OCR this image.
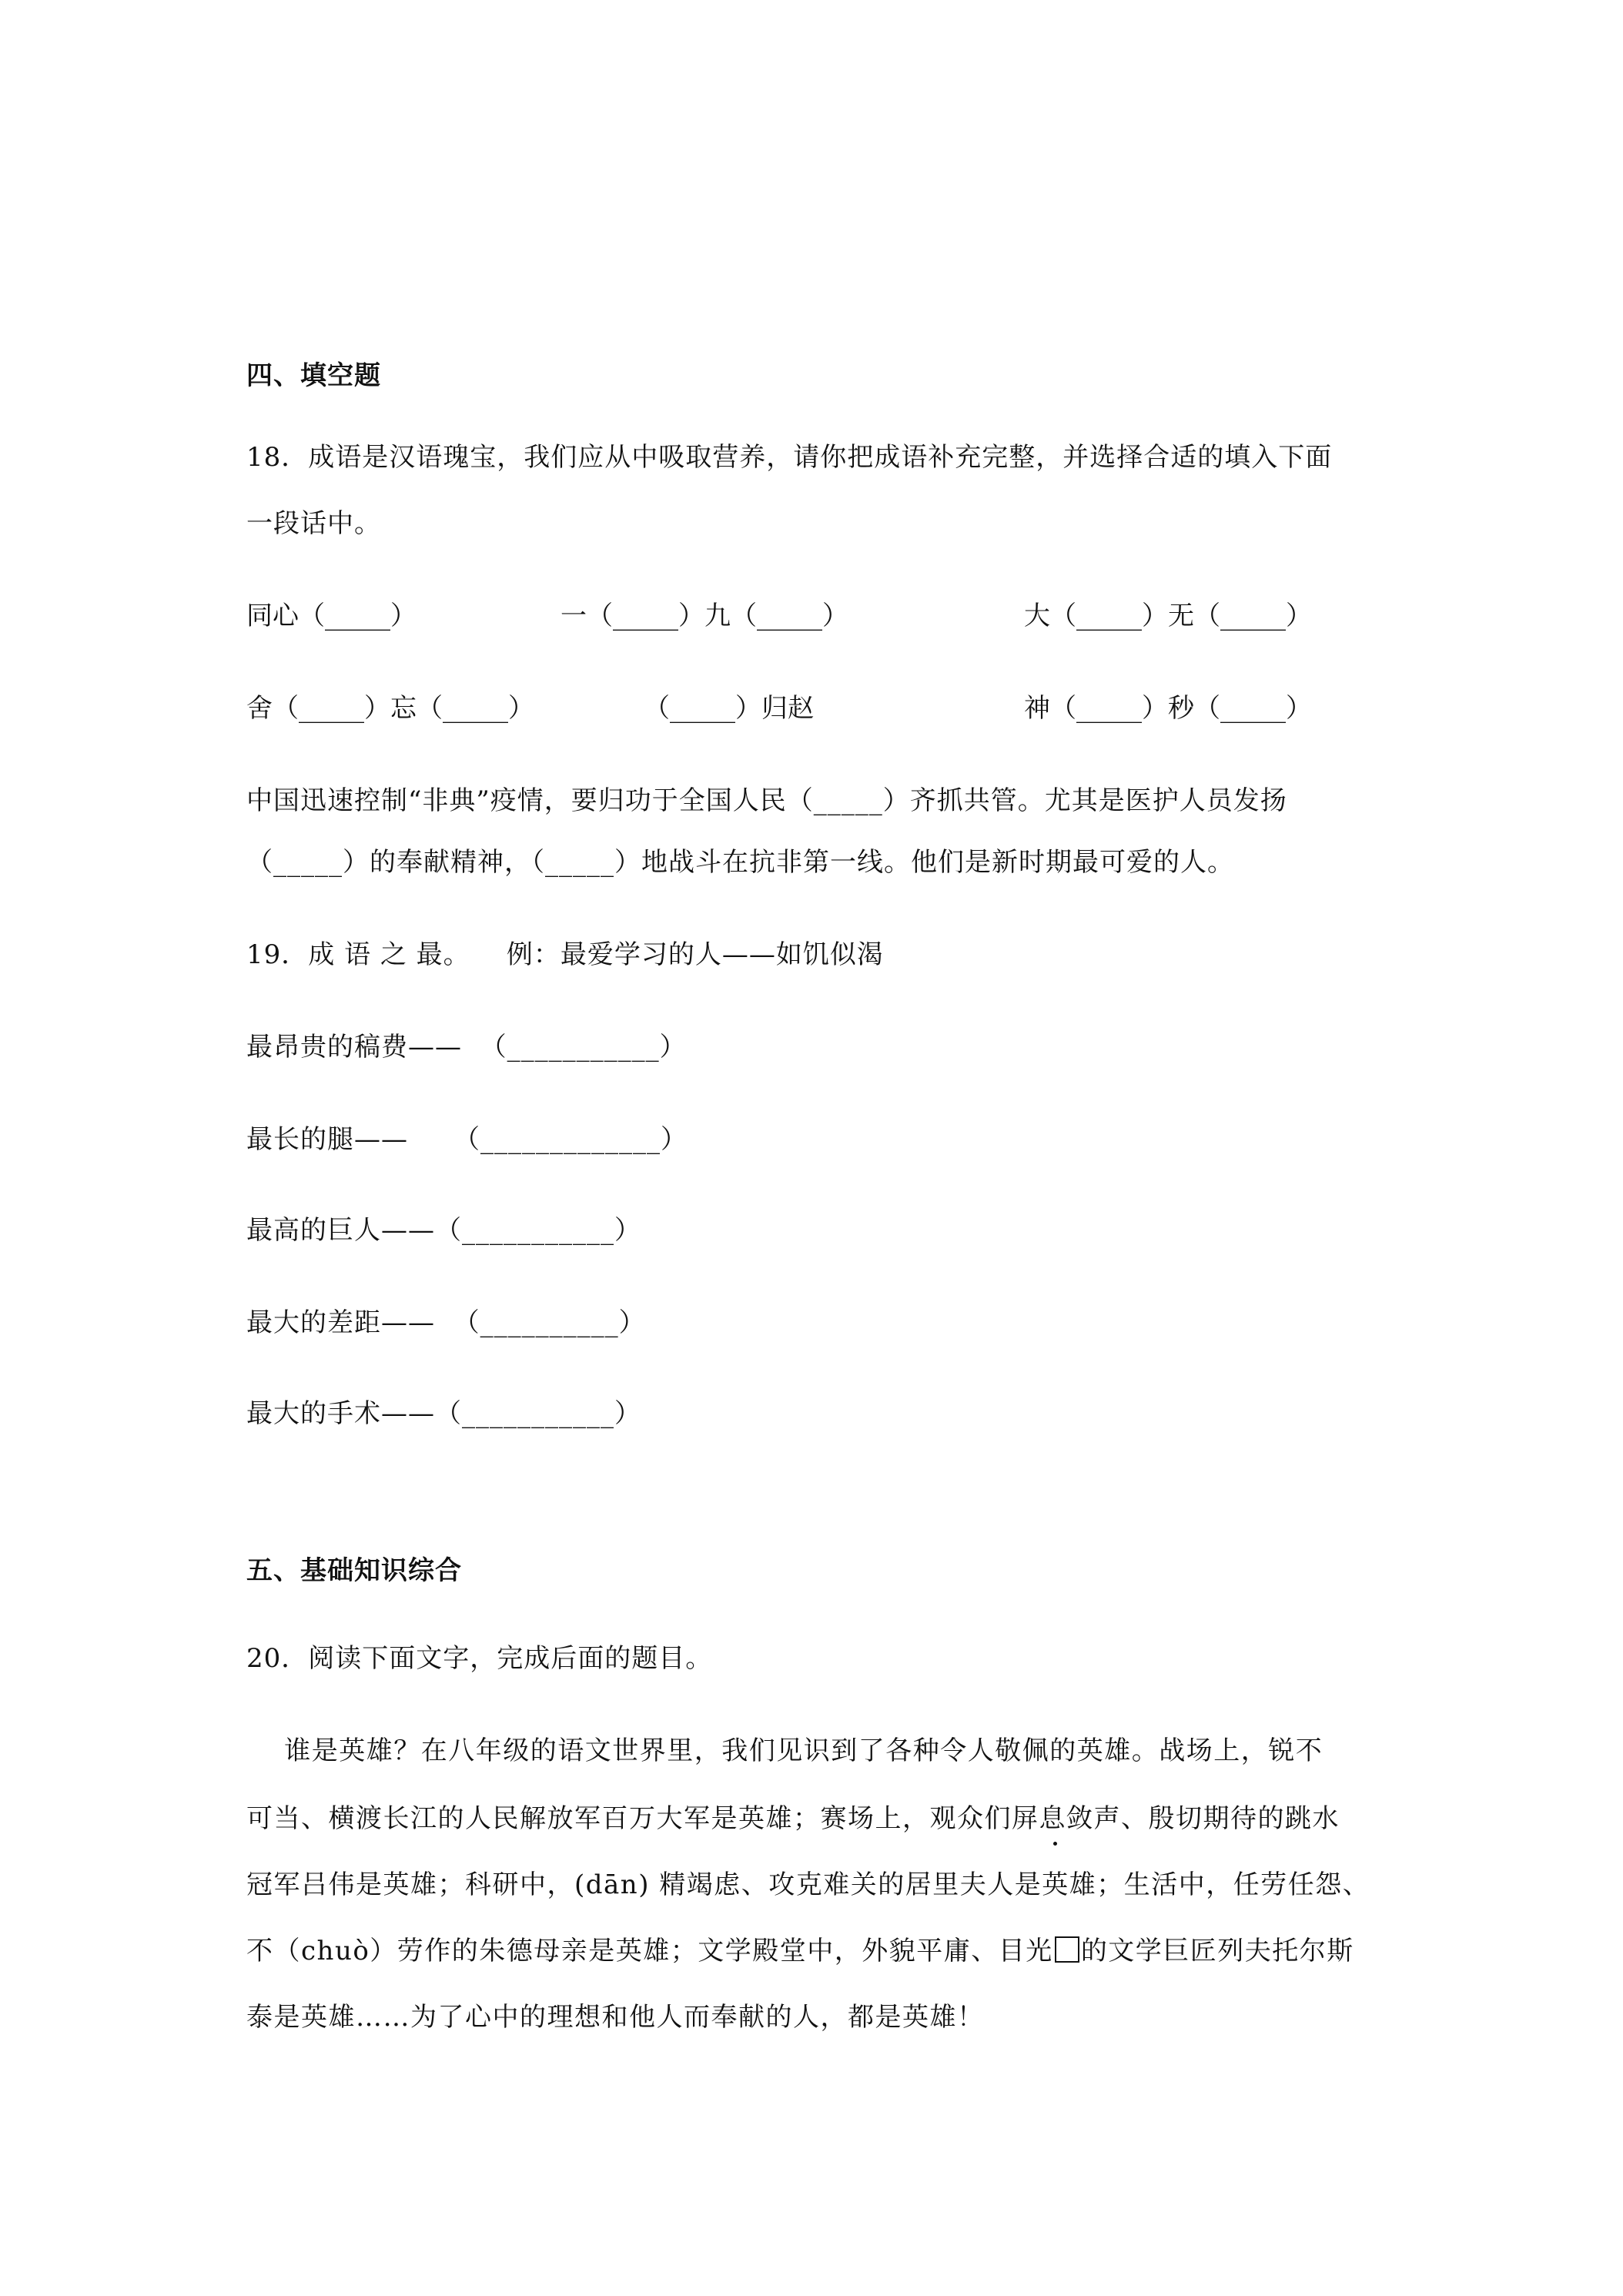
四、填空题
18．成语是汉语瑰宝，我们应从中吸取营养，请你把成语补充完整，并选择合适的填入下面
一段话中。
同心（_____）	一（_____）九（_____）	大（_____）无（_____）
舍（_____）忘（_____）	（_____）归赵	神（_____）秒（_____）
中国迅速控制“非典”疫情，要归功于全国人民（_____）齐抓共管。尤其是医护人员发扬
（_____）的奉献精神，（_____）地战斗在抗非第一线。他们是新时期最可爱的人。
19．成 语 之 最。    例：最爱学习的人——如饥似渴
最昂贵的稿费——  （___________）
最长的腿——     （_____________）
最高的巨人——（___________）
最大的差距——  （__________）
最大的手术——（___________）
五、基础知识综合
20．阅读下面文字，完成后面的题目。
谁是英雄？在八年级的语文世界里，我们见识到了各种令人敬佩的英雄。战场上，锐不
可当、横渡长江的人民解放军百万大军是英雄；赛场上，观众们屏息敛声、殷切期待的跳水
冠军吕伟是英雄；科研中，(dān) 精竭虑、攻克难关的居里夫人是英雄；生活中，任劳任怨、
不（chuò）劳作的朱德母亲是英雄；文学殿堂中，外貌平庸、目光 的文学巨匠列夫托尔斯
泰是英雄……为了心中的理想和他人而奉献的人，都是英雄！
